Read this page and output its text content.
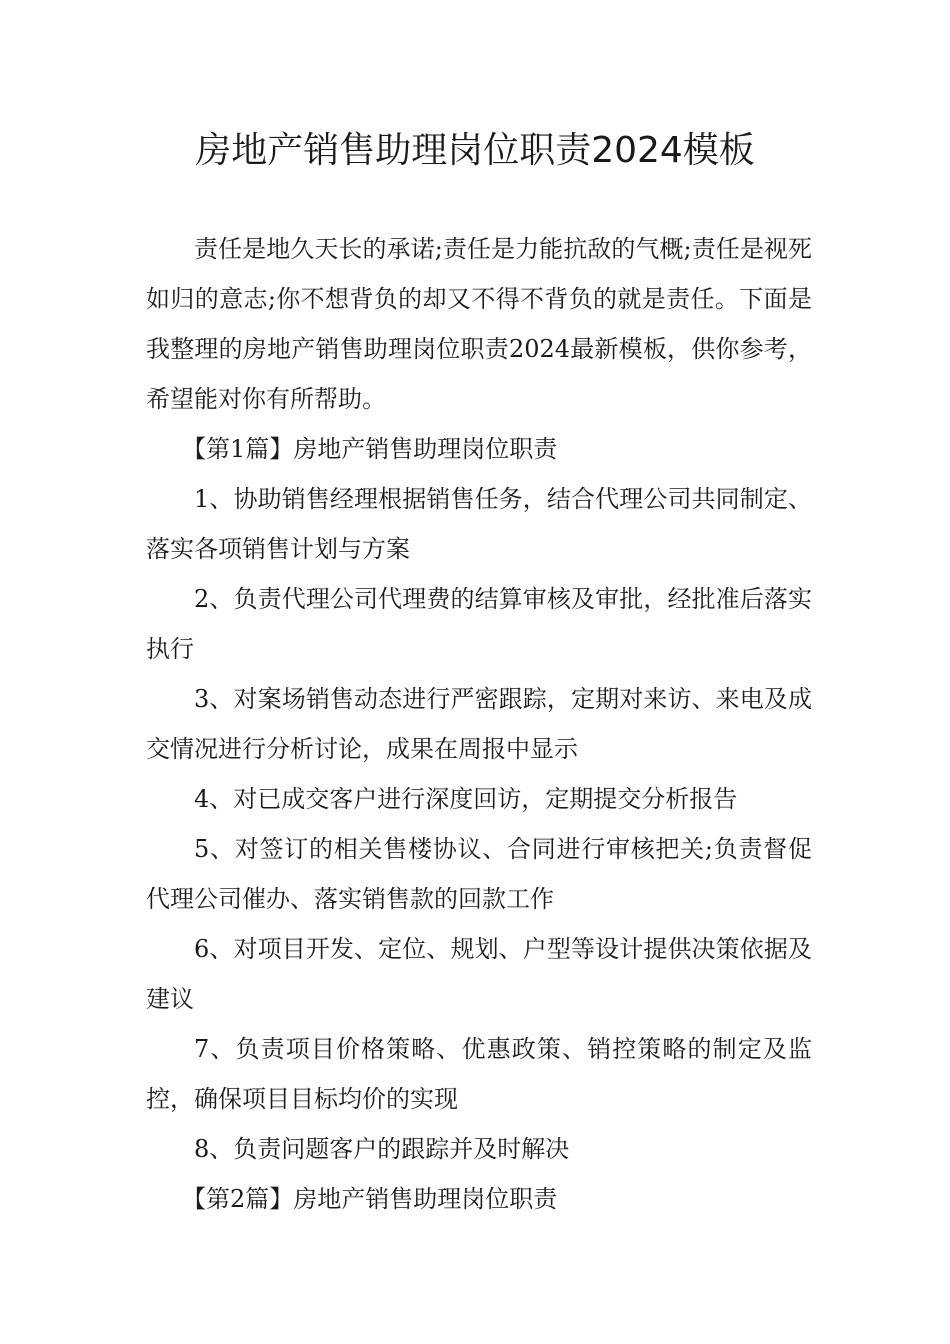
房地产销售助理岗位职责2024模板

责任是地久天长的承诺;责任是力能抗敌的气概;责任是视死如归的意志;你不想背负的却又不得不背负的就是责任。下面是我整理的房地产销售助理岗位职责2024最新模板，供你参考，希望能对你有所帮助。

【第1篇】房地产销售助理岗位职责

1、协助销售经理根据销售任务，结合代理公司共同制定、落实各项销售计划与方案

2、负责代理公司代理费的结算审核及审批，经批准后落实执行

3、对案场销售动态进行严密跟踪，定期对来访、来电及成交情况进行分析讨论，成果在周报中显示

4、对已成交客户进行深度回访，定期提交分析报告

5、对签订的相关售楼协议、合同进行审核把关;负责督促代理公司催办、落实销售款的回款工作

6、对项目开发、定位、规划、户型等设计提供决策依据及建议

7、负责项目价格策略、优惠政策、销控策略的制定及监控，确保项目目标均价的实现

8、负责问题客户的跟踪并及时解决

【第2篇】房地产销售助理岗位职责
